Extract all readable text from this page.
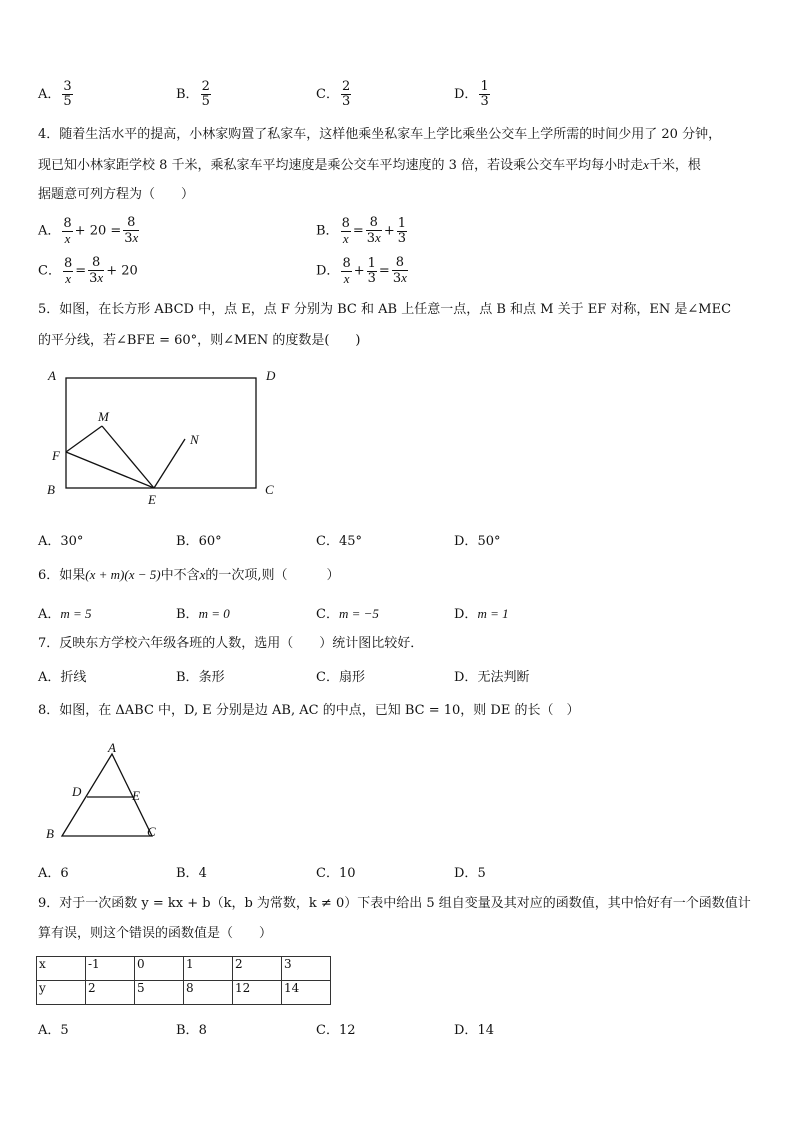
A． $\frac{3}{5}$	B． $\frac{2}{5}$	C． $\frac{2}{3}$	D． $\frac{1}{3}$
4．随着生活水平的提高，小林家购置了私家车，这样他乘坐私家车上学比乘坐公交车上学所需的时间少用了 20 分钟，
现已知小林家距学校 8 千米，乘私家车平均速度是乘公交车平均速度的 3 倍，若设乘公交车平均每小时走x千米，根
据题意可列方程为（　　）
A． $\frac{8}{x} + 20 = \frac{8}{3x}$	B． $\frac{8}{x} = \frac{8}{3x} + \frac{1}{3}$
C． $\frac{8}{x} = \frac{8}{3x} + 20$	D． $\frac{8}{x} + \frac{1}{3} = \frac{8}{3x}$
5．如图，在长方形 ABCD 中，点 E，点 F 分别为 BC 和 AB 上任意一点，点 B 和点 M 关于 EF 对称，EN 是∠MEC
的平分线，若∠BFE = 60°，则∠MEN 的度数是(　　)
A	D
M
N
F
B
E
C
A．30°	B．60°	C．45°	D．50°
6．如果(x + m)(x − 5)中不含x的一次项,则（　　　）
A．m = 5	B．m = 0	C．m = −5	D．m = 1
7．反映东方学校六年级各班的人数，选用（　　）统计图比较好．
A．折线	B．条形	C．扇形	D．无法判断
8．如图，在 ΔABC 中，D, E 分别是边 AB, AC 的中点，已知 BC = 10，则 DE 的长（　）
A
D	E
B	C
A．6	B．4	C．10	D．5
9．对于一次函数 y = kx + b（k，b 为常数，k ≠ 0）下表中给出 5 组自变量及其对应的函数值，其中恰好有一个函数值计
算有误，则这个错误的函数值是（　　）
x	-1	0	1	2	3
y	2	5	8	12	14
A．5	B．8	C．12	D．14
